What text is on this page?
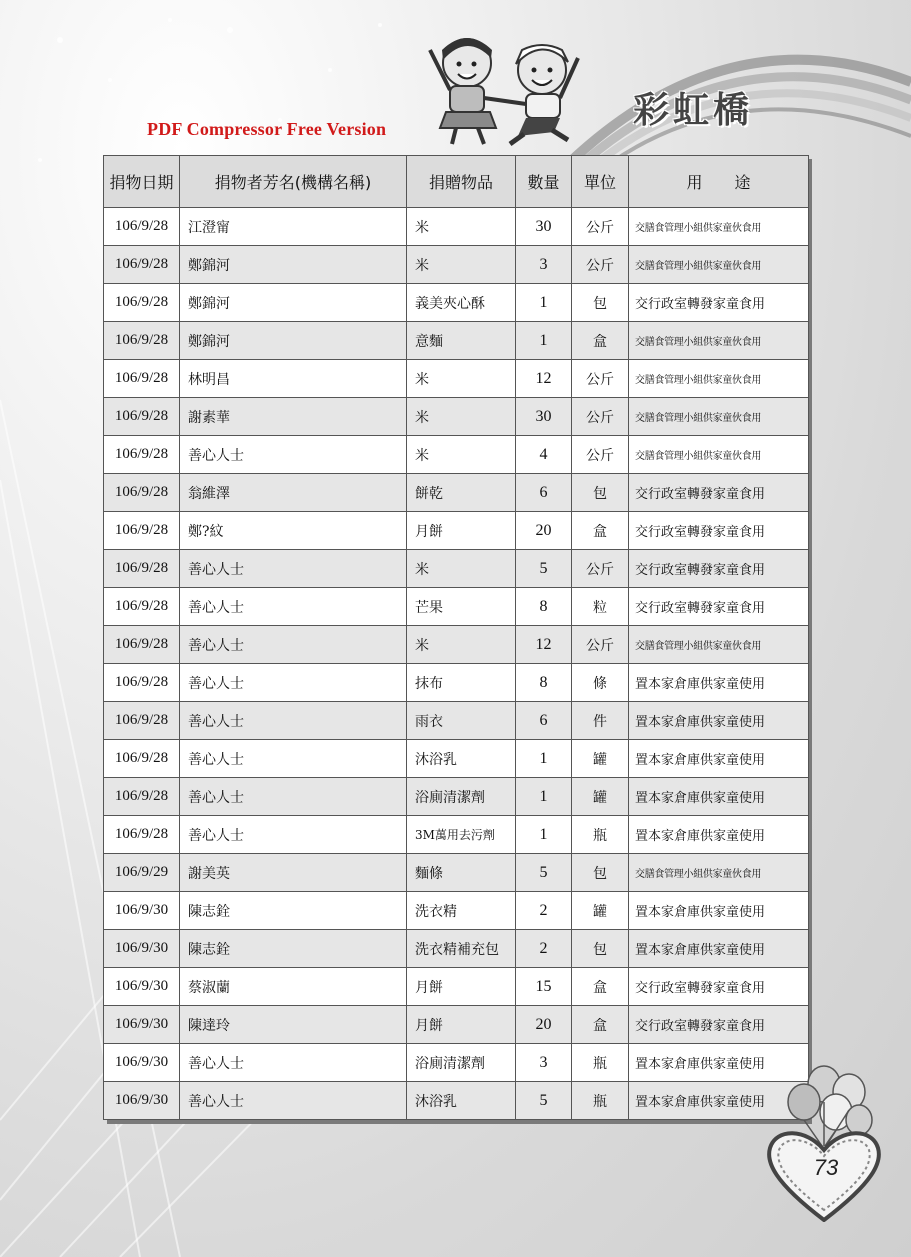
PDF Compressor Free Version	彩虹橋
捐物日期	捐物者芳名(機構名稱)	捐贈物品	數量	單位	用　　途
106/9/28	江澄甯	米	30	公斤	交膳食管理小組供家童伙食用
106/9/28	鄭錦河	米	3	公斤	交膳食管理小組供家童伙食用
106/9/28	鄭錦河	義美夾心酥	1	包	交行政室轉發家童食用
106/9/28	鄭錦河	意麵	1	盒	交膳食管理小組供家童伙食用
106/9/28	林明昌	米	12	公斤	交膳食管理小組供家童伙食用
106/9/28	謝素華	米	30	公斤	交膳食管理小組供家童伙食用
106/9/28	善心人士	米	4	公斤	交膳食管理小組供家童伙食用
106/9/28	翁維澤	餅乾	6	包	交行政室轉發家童食用
106/9/28	鄭?紋	月餅	20	盒	交行政室轉發家童食用
106/9/28	善心人士	米	5	公斤	交行政室轉發家童食用
106/9/28	善心人士	芒果	8	粒	交行政室轉發家童食用
106/9/28	善心人士	米	12	公斤	交膳食管理小組供家童伙食用
106/9/28	善心人士	抹布	8	條	置本家倉庫供家童使用
106/9/28	善心人士	雨衣	6	件	置本家倉庫供家童使用
106/9/28	善心人士	沐浴乳	1	罐	置本家倉庫供家童使用
106/9/28	善心人士	浴廁清潔劑	1	罐	置本家倉庫供家童使用
106/9/28	善心人士	3M萬用去污劑	1	瓶	置本家倉庫供家童使用
106/9/29	謝美英	麵條	5	包	交膳食管理小組供家童伙食用
106/9/30	陳志銓	洗衣精	2	罐	置本家倉庫供家童使用
106/9/30	陳志銓	洗衣精補充包	2	包	置本家倉庫供家童使用
106/9/30	蔡淑蘭	月餅	15	盒	交行政室轉發家童食用
106/9/30	陳達玲	月餅	20	盒	交行政室轉發家童食用
106/9/30	善心人士	浴廁清潔劑	3	瓶	置本家倉庫供家童使用
106/9/30	善心人士	沐浴乳	5	瓶	置本家倉庫供家童使用
73
